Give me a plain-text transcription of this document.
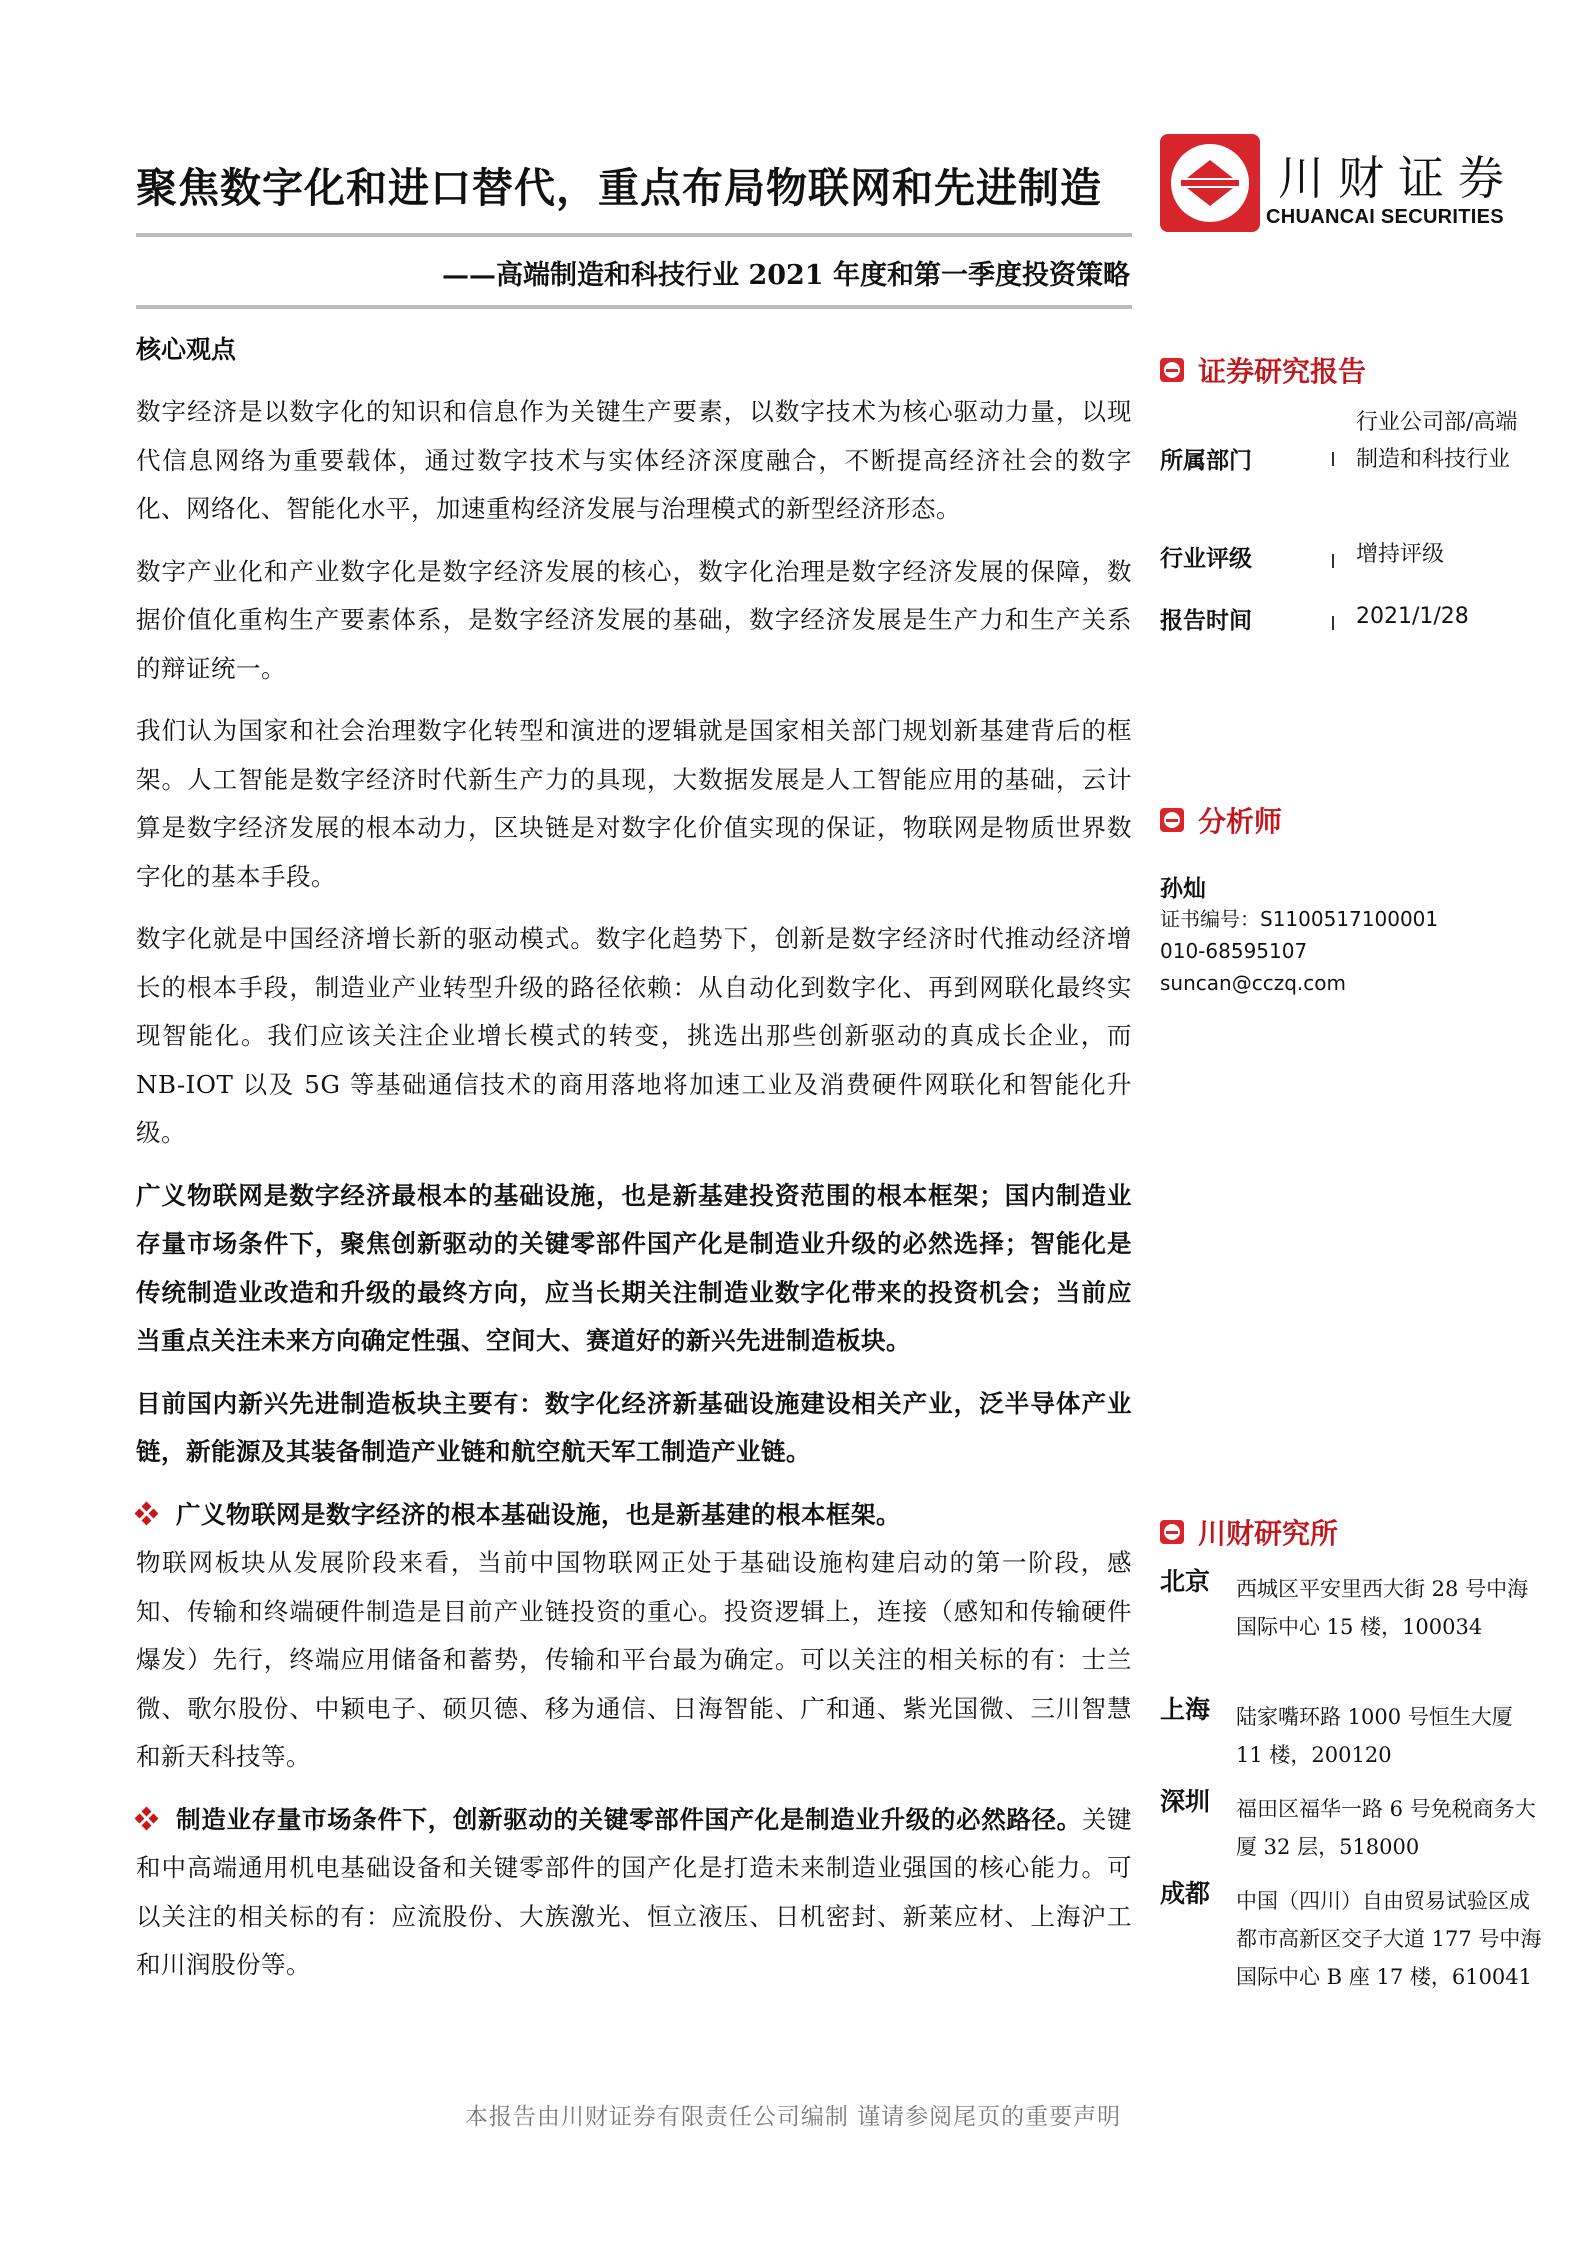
聚焦数字化和进口替代，重点布局物联网和先进制造
——高端制造和科技行业 2021 年度和第一季度投资策略
川财证券
CHUANCAI SECURITIES
核心观点

数字经济是以数字化的知识和信息作为关键生产要素，以数字技术为核心驱动力量，以现代信息网络为重要载体，通过数字技术与实体经济深度融合，不断提高经济社会的数字化、网络化、智能化水平，加速重构经济发展与治理模式的新型经济形态。

数字产业化和产业数字化是数字经济发展的核心，数字化治理是数字经济发展的保障，数据价值化重构生产要素体系，是数字经济发展的基础，数字经济发展是生产力和生产关系的辩证统一。

我们认为国家和社会治理数字化转型和演进的逻辑就是国家相关部门规划新基建背后的框架。人工智能是数字经济时代新生产力的具现，大数据发展是人工智能应用的基础，云计算是数字经济发展的根本动力，区块链是对数字化价值实现的保证，物联网是物质世界数字化的基本手段。

数字化就是中国经济增长新的驱动模式。数字化趋势下，创新是数字经济时代推动经济增长的根本手段，制造业产业转型升级的路径依赖：从自动化到数字化、再到网联化最终实现智能化。我们应该关注企业增长模式的转变，挑选出那些创新驱动的真成长企业，而 NB-IOT 以及 5G 等基础通信技术的商用落地将加速工业及消费硬件网联化和智能化升级。

广义物联网是数字经济最根本的基础设施，也是新基建投资范围的根本框架；国内制造业存量市场条件下，聚焦创新驱动的关键零部件国产化是制造业升级的必然选择；智能化是传统制造业改造和升级的最终方向，应当长期关注制造业数字化带来的投资机会；当前应当重点关注未来方向确定性强、空间大、赛道好的新兴先进制造板块。

目前国内新兴先进制造板块主要有：数字化经济新基础设施建设相关产业，泛半导体产业链，新能源及其装备制造产业链和航空航天军工制造产业链。

广义物联网是数字经济的根本基础设施，也是新基建的根本框架。

物联网板块从发展阶段来看，当前中国物联网正处于基础设施构建启动的第一阶段，感知、传输和终端硬件制造是目前产业链投资的重心。投资逻辑上，连接（感知和传输硬件爆发）先行，终端应用储备和蓄势，传输和平台最为确定。可以关注的相关标的有：士兰微、歌尔股份、中颖电子、硕贝德、移为通信、日海智能、广和通、紫光国微、三川智慧和新天科技等。

制造业存量市场条件下，创新驱动的关键零部件国产化是制造业升级的必然路径。关键和中高端通用机电基础设备和关键零部件的国产化是打造未来制造业强国的核心能力。可以关注的相关标的有：应流股份、大族激光、恒立液压、日机密封、新莱应材、上海沪工和川润股份等。

证券研究报告
所属部门
行业公司部/高端制造和科技行业
行业评级	增持评级
报告时间	2021/1/28
分析师
孙灿
证书编号：S1100517100001
010-68595107
suncan@cczq.com
川财研究所
北京 西城区平安里西大街 28 号中海国际中心 15 楼，100034
上海 陆家嘴环路 1000 号恒生大厦 11 楼，200120
深圳 福田区福华一路 6 号免税商务大厦 32 层，518000
成都 中国（四川）自由贸易试验区成都市高新区交子大道 177 号中海国际中心 B 座 17 楼，610041
本报告由川财证券有限责任公司编制 谨请参阅尾页的重要声明
